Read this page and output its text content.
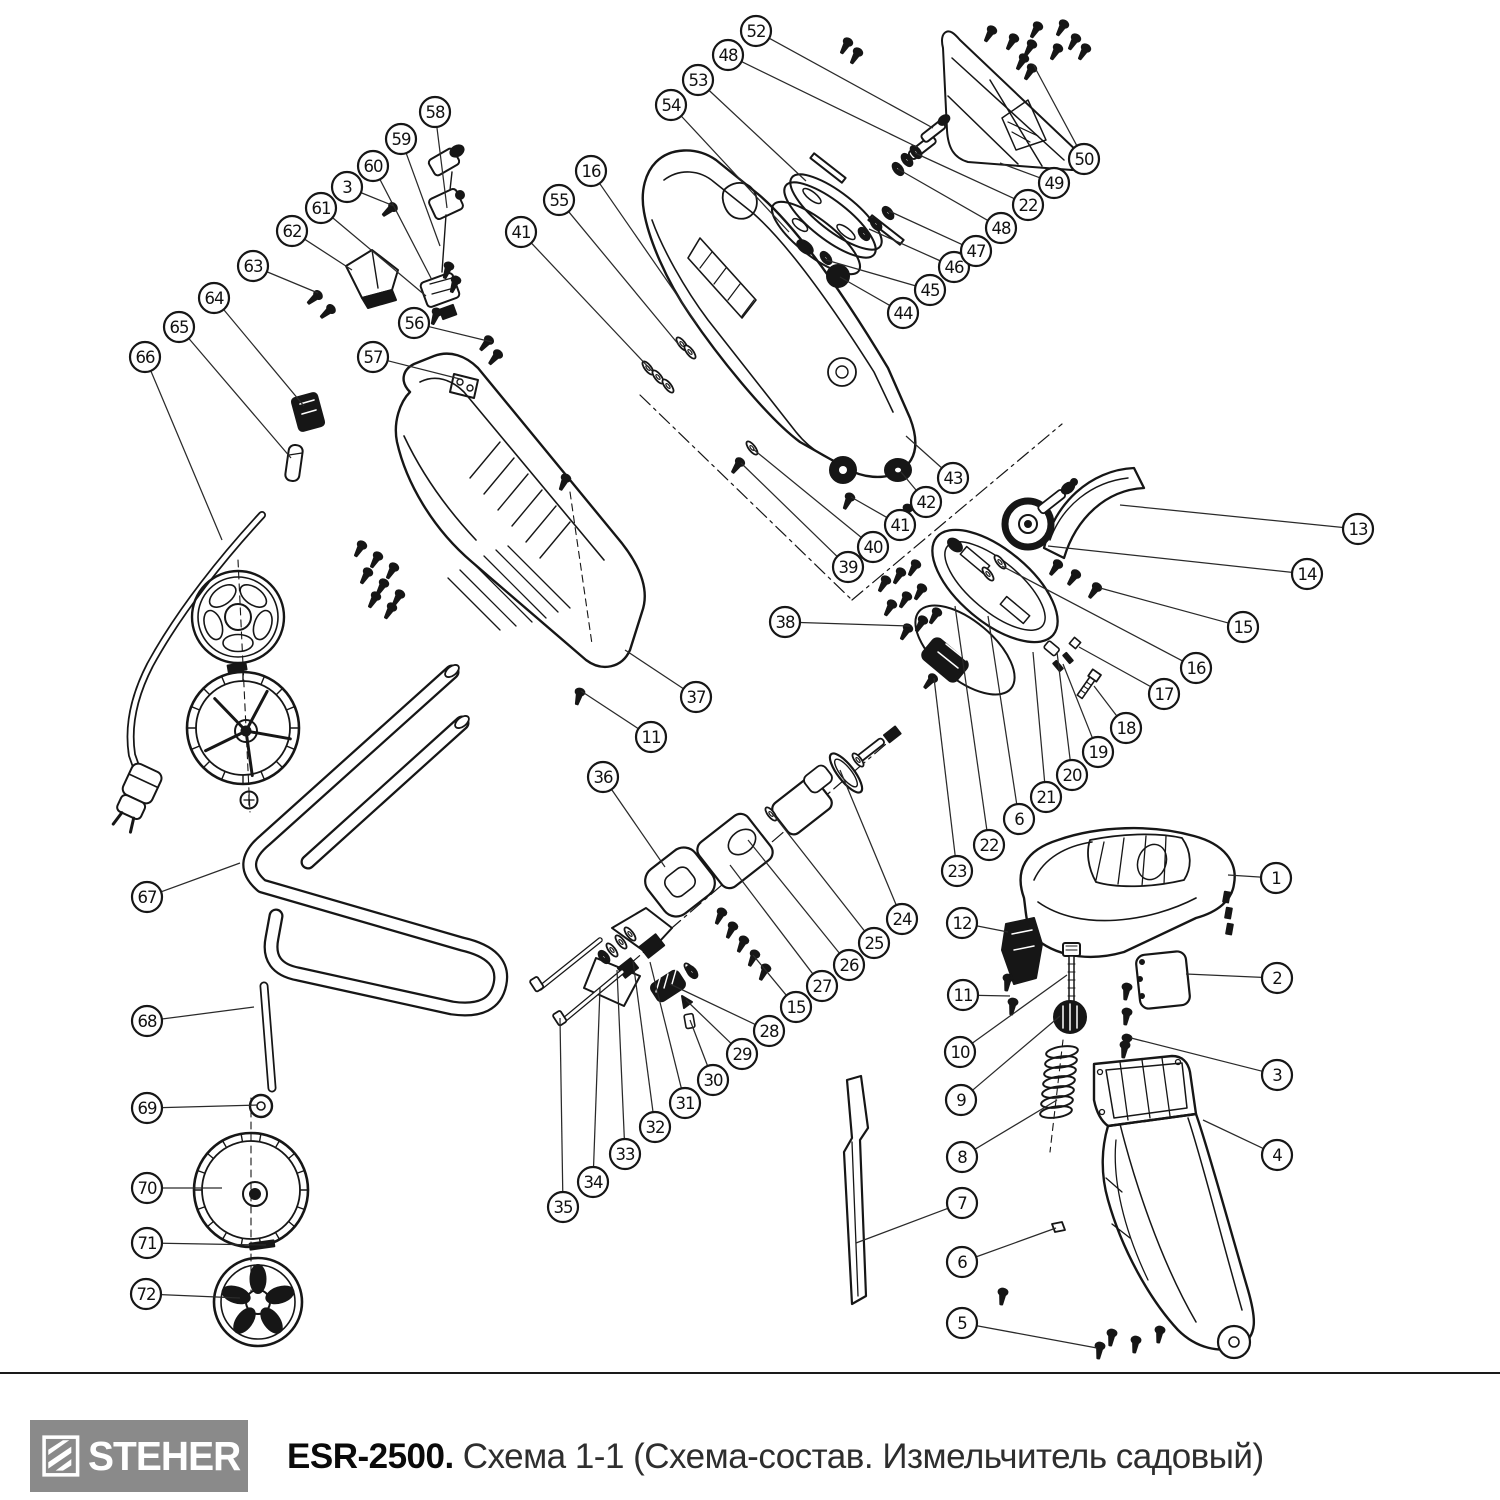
1
2
3
4
5
6
7
8
9
10
11
12
13
14
15
16
17
18
19
20
21
6
22
23
24
25
26
27
15
28
29
30
31
32
33
34
35
36
37
11
38
39
40
41
42
43
44
45
46
47
48
22
49
50
52
48
53
54
16
55
41
56
57
58
59
60
3
61
62
63
64
65
66
67
68
69
70
71
72
STEHER ESR-2500. Схема 1-1 (Схема-состав. Измельчитель садовый)
